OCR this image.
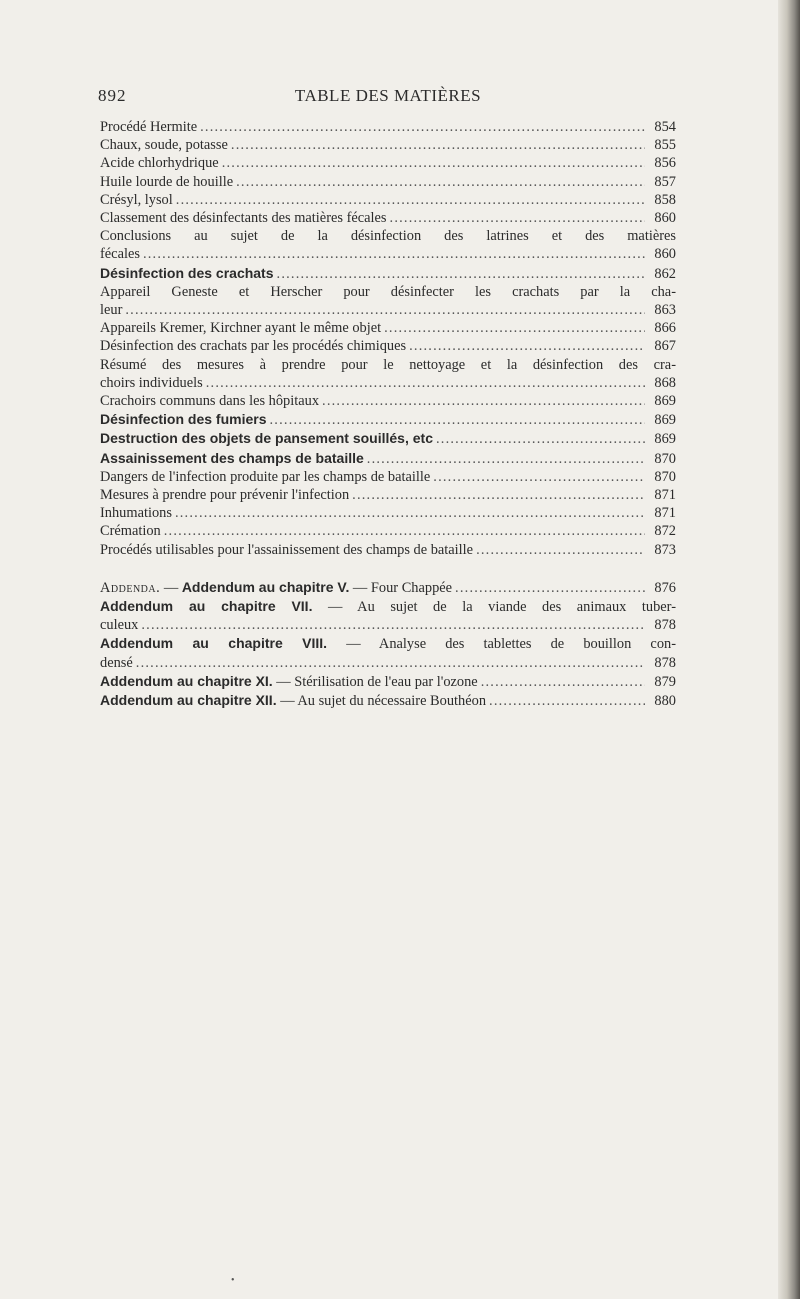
892	TABLE DES MATIÈRES
Procédé Hermite .....	854
Chaux, soude, potasse .....	855
Acide chlorhydrique .....	856
Huile lourde de houille .....	857
Crésyl, lysol .....	858
Classement des désinfectants des matières fécales .....	860
Conclusions au sujet de la désinfection des latrines et des matières
fécales .....	860
Désinfection des crachats .....	862
Appareil Geneste et Herscher pour désinfecter les crachats par la cha-
leur .....	863
Appareils Kremer, Kirchner ayant le même objet .....	866
Désinfection des crachats par les procédés chimiques .....	867
Résumé des mesures à prendre pour le nettoyage et la désinfection des cra-
choirs individuels .....	868
Crachoirs communs dans les hôpitaux .....	869
Désinfection des fumiers .....	869
Destruction des objets de pansement souillés, etc .....	869
Assainissement des champs de bataille .....	870
Dangers de l'infection produite par les champs de bataille .....	870
Mesures à prendre pour prévenir l'infection .....	871
Inhumations .....	871
Crémation .....	872
Procédés utilisables pour l'assainissement des champs de bataille .....	873
Addenda. — Addendum au chapitre V. — Four Chappée .....	876
Addendum au chapitre VII. — Au sujet de la viande des animaux tuber-
culeux .....	878
Addendum au chapitre VIII. — Analyse des tablettes de bouillon con-
densé .....	878
Addendum au chapitre XI. — Stérilisation de l'eau par l'ozone .....	879
Addendum au chapitre XII. — Au sujet du nécessaire Bouthéon .....	880
•
